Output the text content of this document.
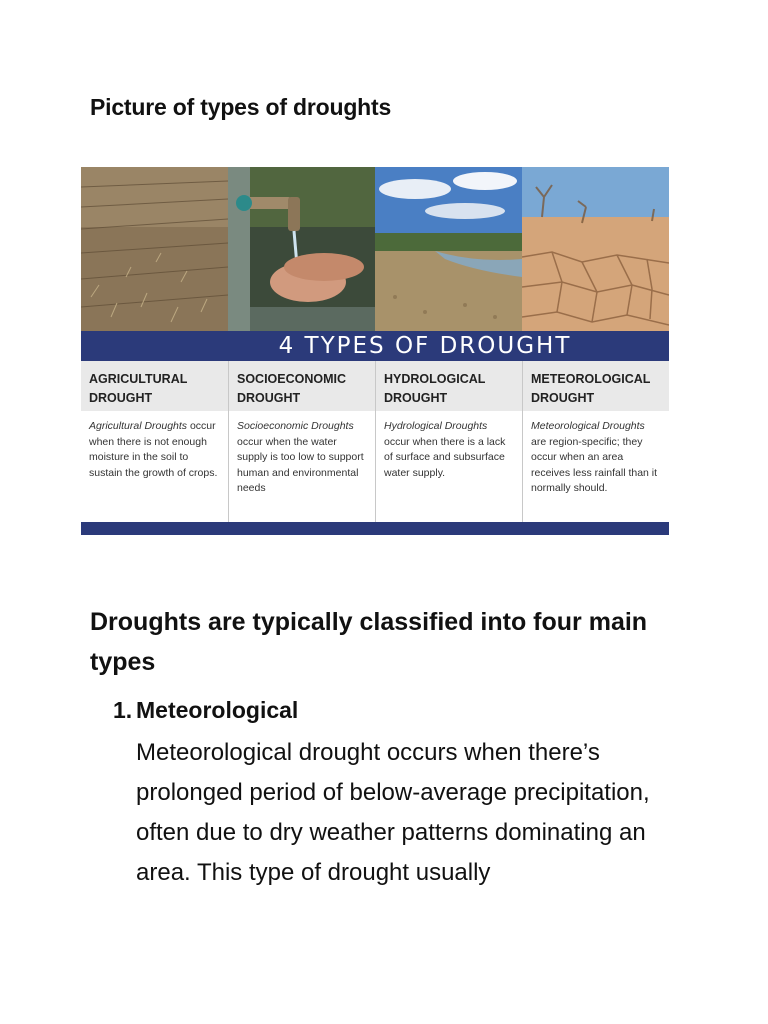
Picture of types of droughts
4 TYPES OF DROUGHT
AGRICULTURAL
DROUGHT
Agricultural Droughts occur when there is not enough moisture in the soil to sustain the growth of crops.
SOCIOECONOMIC
DROUGHT
Socioeconomic Droughts occur when the water supply is too low to support human and environmental needs
HYDROLOGICAL
DROUGHT
Hydrological Droughts occur when there is a lack of surface and subsurface water supply.
METEOROLOGICAL
DROUGHT
Meteorological Droughts are region-specific; they occur when an area receives less rainfall than it normally should.
Droughts are typically classified into four main types
1. Meteorological

Meteorological drought occurs when there’s prolonged period of below-average precipitation, often due to dry weather patterns dominating an area. This type of drought usually
